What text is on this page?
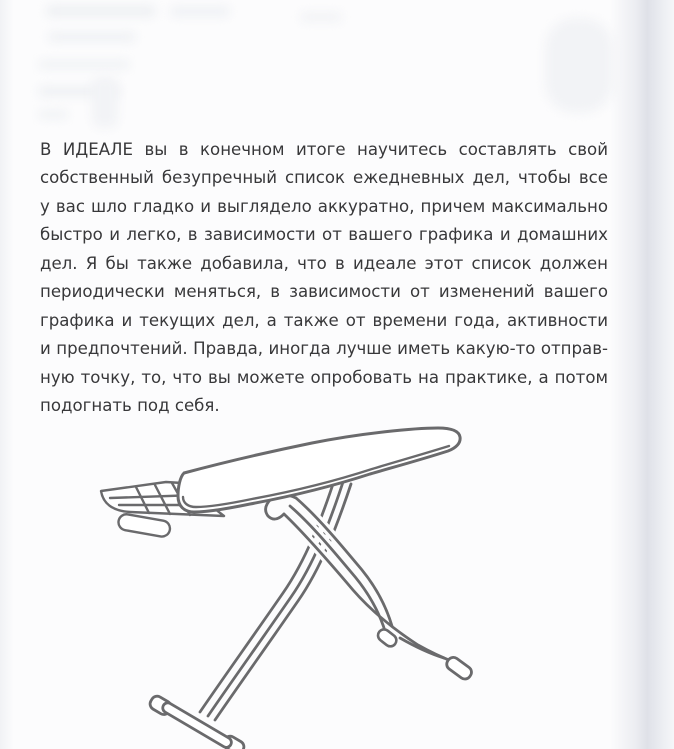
В ИДЕАЛЕ вы в конечном итоге научитесь составлять свой
собственный безупречный список ежедневных дел, чтобы все
у вас шло гладко и выглядело аккуратно, причем максимально
быстро и легко, в зависимости от вашего графика и домашних
дел. Я бы также добавила, что в идеале этот список должен
периодически меняться, в зависимости от изменений вашего
графика и текущих дел, а также от времени года, активности
и предпочтений. Правда, иногда лучше иметь какую-то отправ-
ную точку, то, что вы можете опробовать на практике, а потом
подогнать под себя.
